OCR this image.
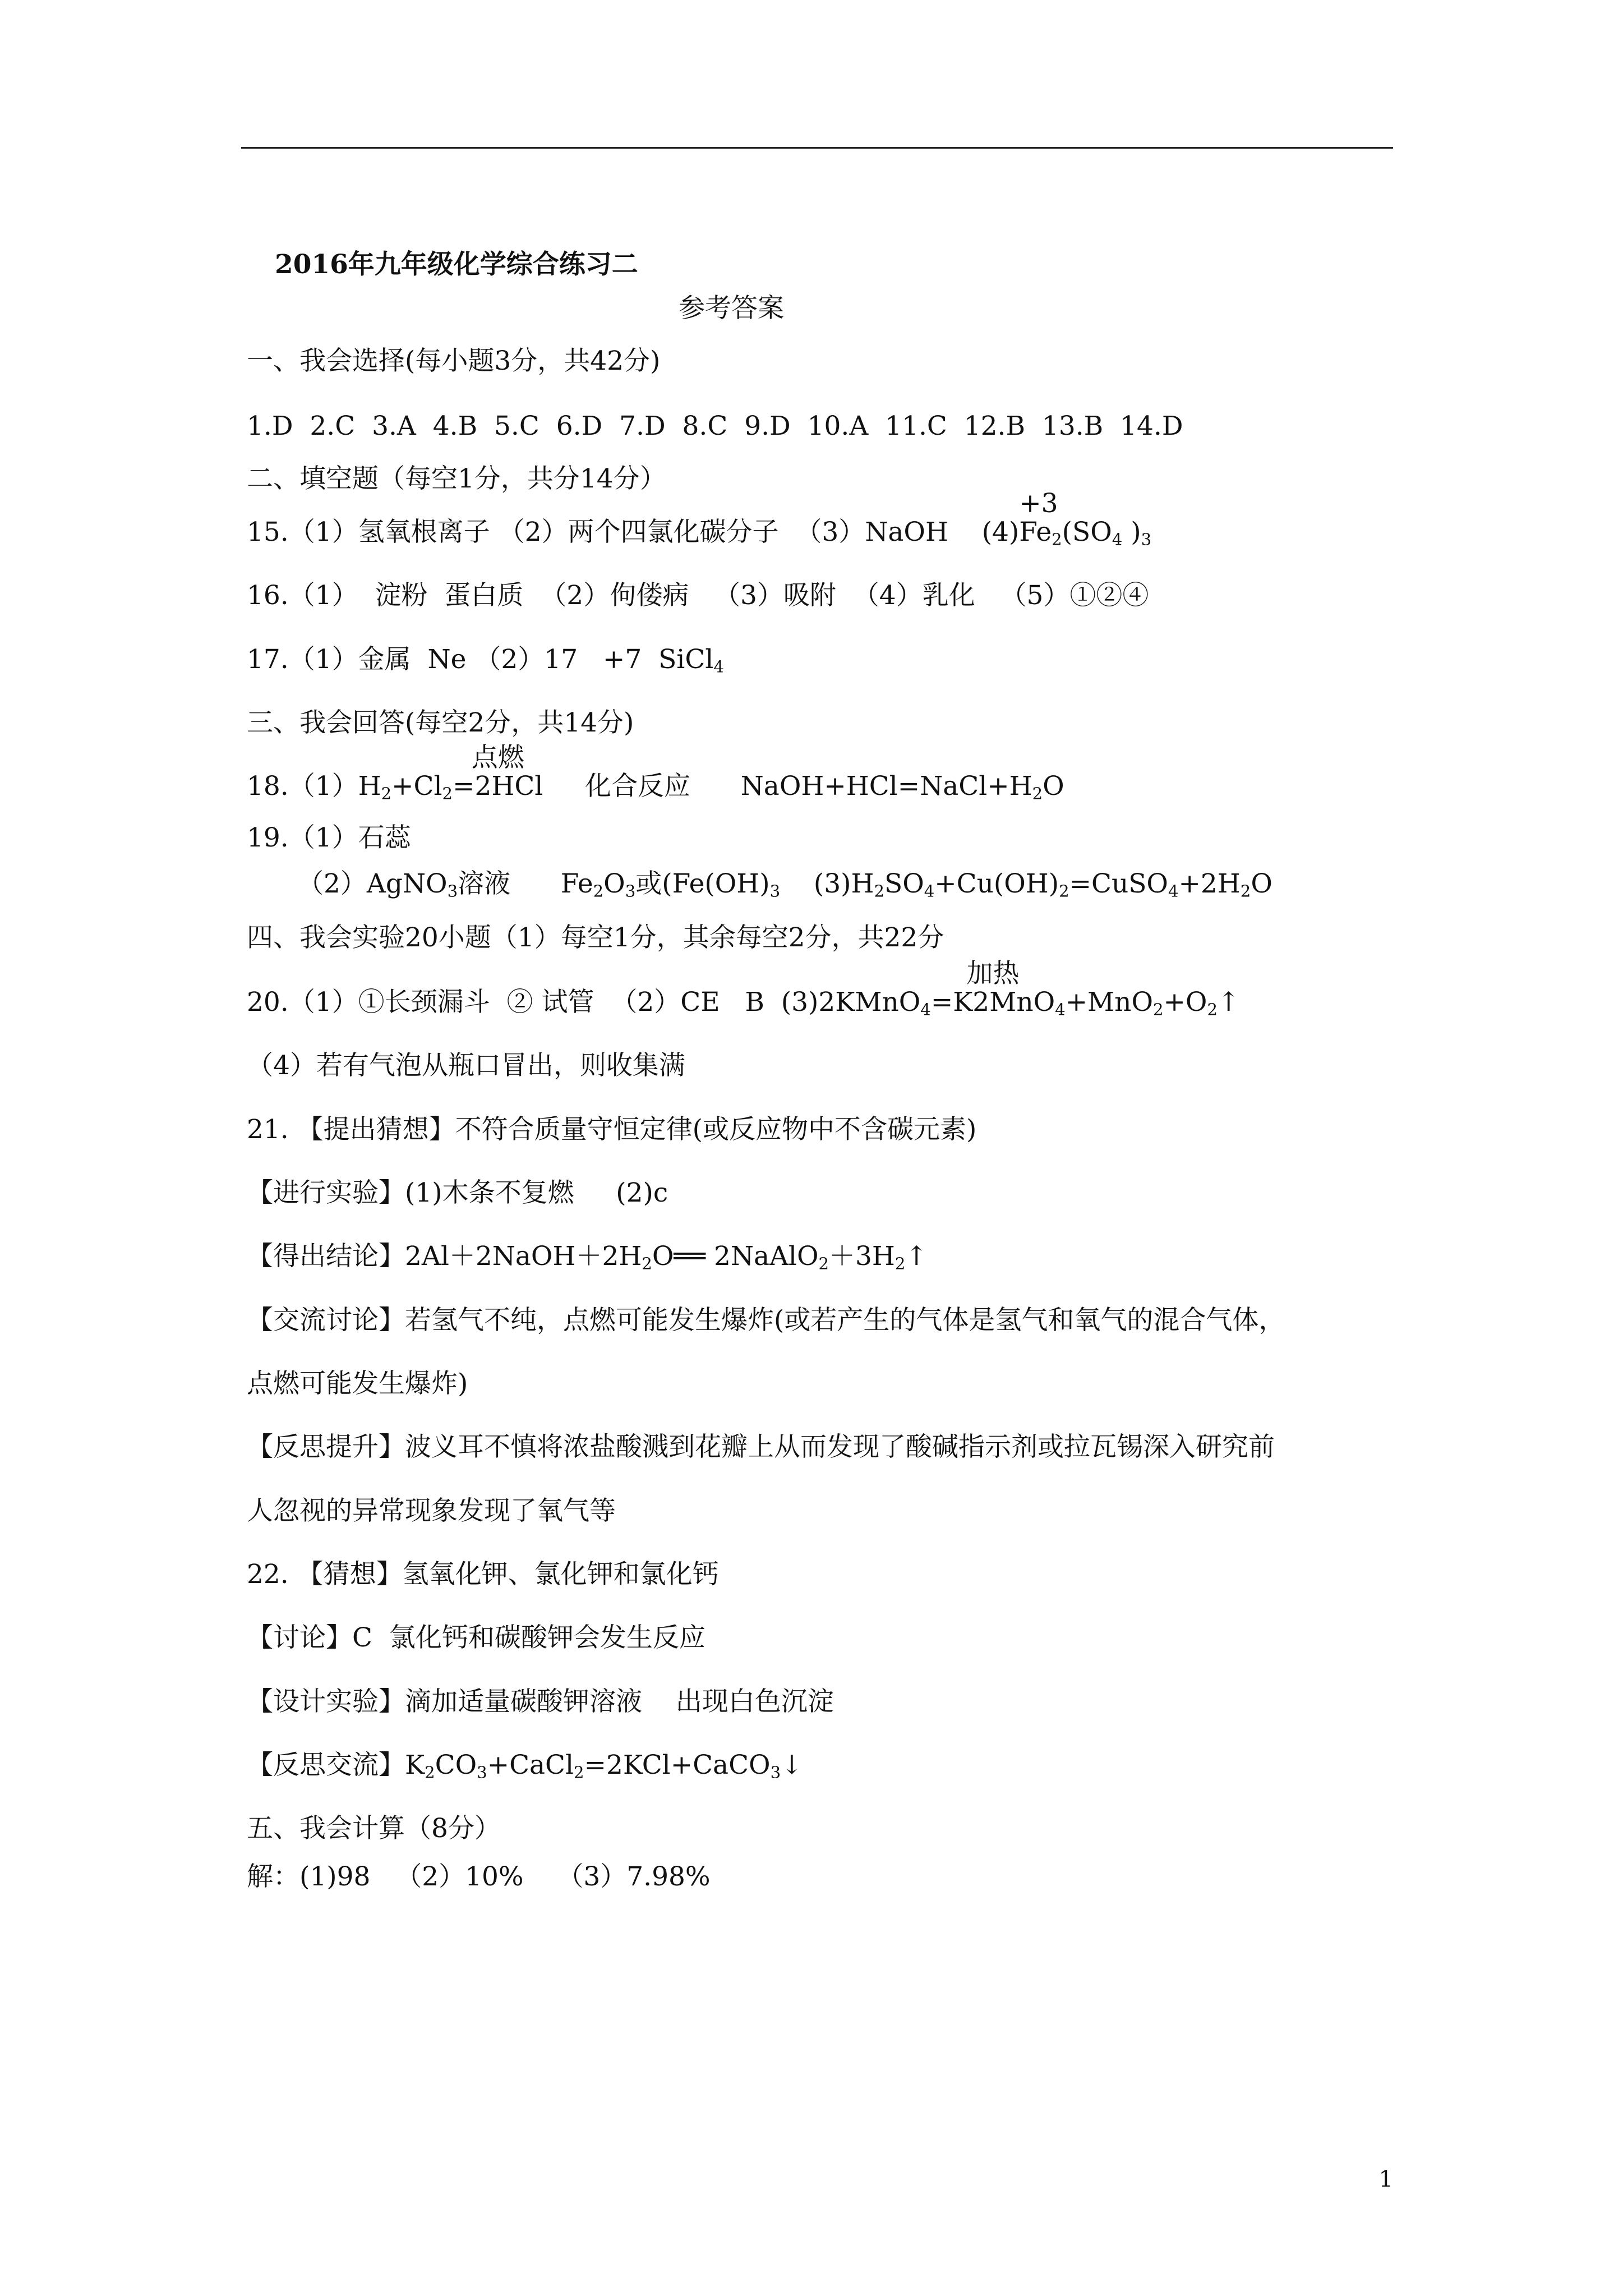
2016年九年级化学综合练习二
参考答案
一、我会选择(每小题3分，共42分)
1.D  2.C  3.A  4.B  5.C  6.D  7.D  8.C  9.D  10.A  11.C  12.B  13.B  14.D
二、填空题（每空1分，共分14分）
15.（1）氢氧根离子 （2）两个四氯化碳分子  （3）NaOH    (4)
+3
$Fe_2(SO_4$ )$_3$
16.（1）  淀粉  蛋白质  （2）佝偻病   （3）吸附  （4）乳化   （5）①②④
17.（1）金属  Ne （2）17   +7  SiCl$_4$
三、我会回答(每空2分，共14分)
$18.(1)H_2+Cl_2$
点燃
=2HCl     化合反应      $NaOH+HCl=NaCl+H_2O$
19.（1）石蕊
（2）AgNO$_3$溶液      $Fe_2O_3$或($Fe(OH)_3$    $(3)H_2SO_4+Cu(OH)_2=CuSO_4+2H_2O$
四、我会实验20小题（1）每空1分，其余每空2分，共22分
20.（1）①长颈漏斗  ② 试管  （2）CE   B  (3)2KMnO$_4$
加热
$=K2MnO_4+MnO_2+O_2↑$
（4）若有气泡从瓶口冒出，则收集满
21. 【提出猜想】不符合质量守恒定律(或反应物中不含碳元素)
【进行实验】(1)木条不复燃     (2)c
【得出结论】$2Al+2NaOH+2H_2O══$ $2NaAlO_2+3H_2↑$
【交流讨论】若氢气不纯，点燃可能发生爆炸(或若产生的气体是氢气和氧气的混合气体，
点燃可能发生爆炸)
【反思提升】波义耳不慎将浓盐酸溅到花瓣上从而发现了酸碱指示剂或拉瓦锡深入研究前
人忽视的异常现象发现了氧气等
22. 【猜想】氢氧化钾、氯化钾和氯化钙
【讨论】C  氯化钙和碳酸钾会发生反应
【设计实验】滴加适量碳酸钾溶液    出现白色沉淀
【反思交流】$K_2CO_3+CaCl_2=2KCl+CaCO_3↓$
五、我会计算（8分）
解：(1)98   （2）10%    （3）7.98%
1
